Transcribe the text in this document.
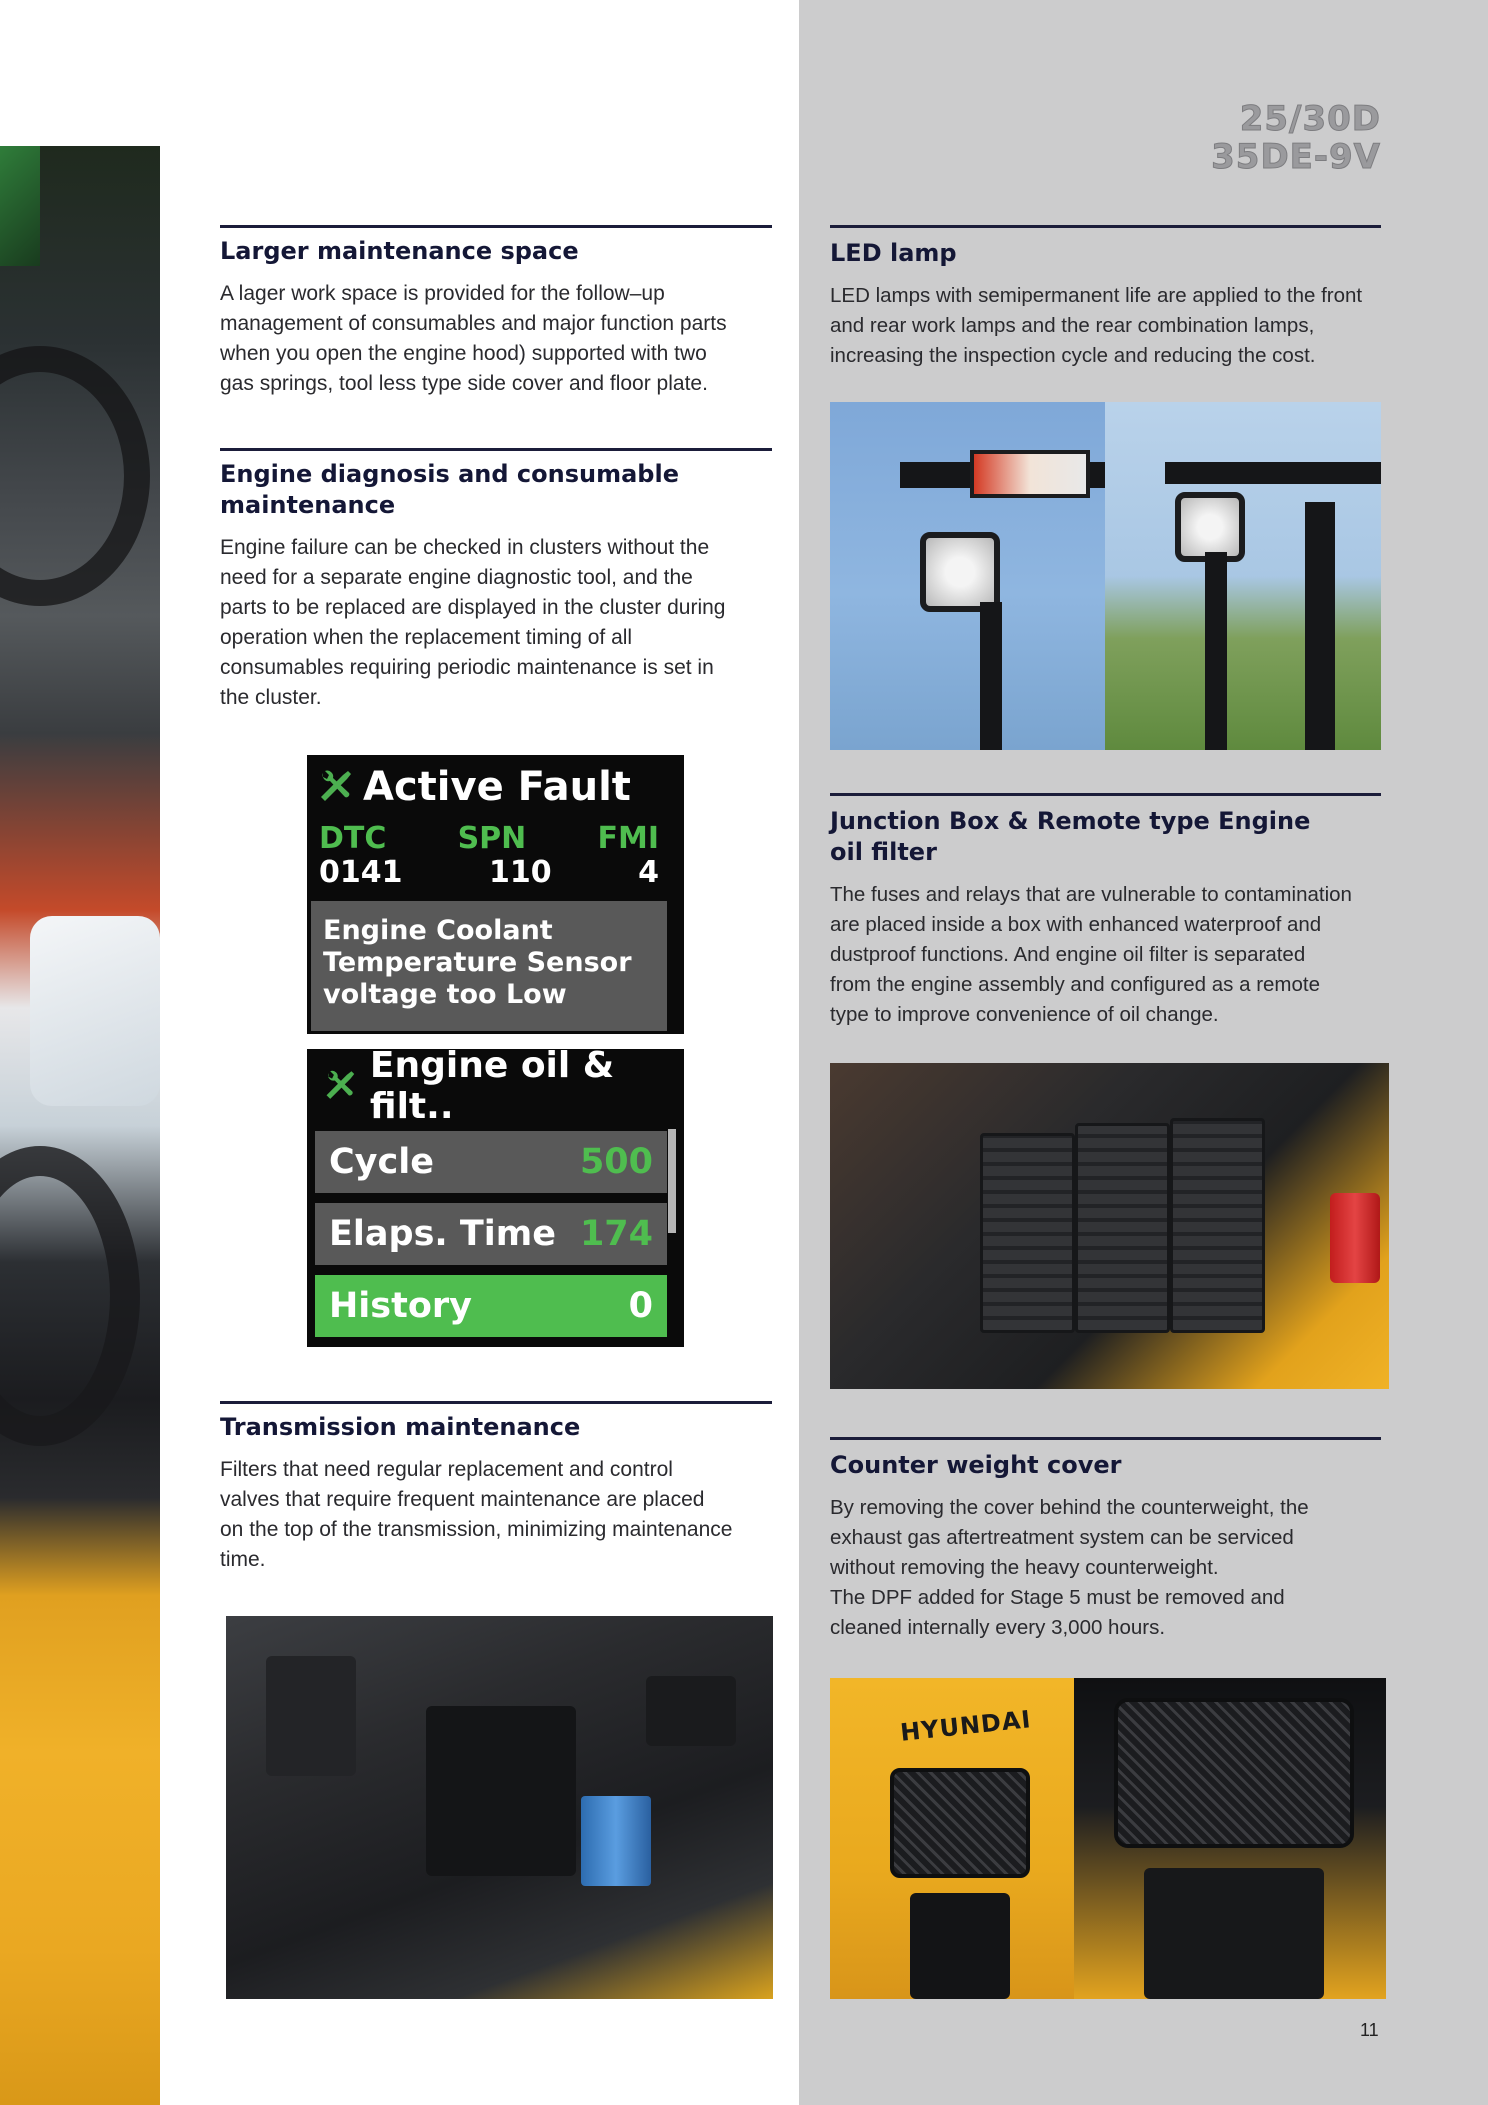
25/30D
35DE-9V
Larger maintenance space

A lager work space is provided for the follow–up
management of consumables and major function parts
when you open the engine hood) supported with two
gas springs, tool less type side cover and floor plate.

Engine diagnosis and consumable
maintenance

Engine failure can be checked in clusters without the
need for a separate engine diagnostic tool, and the
parts to be replaced are displayed in the cluster during
operation when the replacement timing of all
consumables requiring periodic maintenance is set in
the cluster.

Active Fault
DTC SPN FMI
0141	110	4
Engine Coolant
Temperature Sensor
voltage too Low
Engine oil & filt..
Cycle	500
Elaps. Time 174
History	0
Transmission maintenance

Filters that need regular replacement and control
valves that require frequent maintenance are placed
on the top of the transmission, minimizing maintenance
time.

LED lamp

LED lamps with semipermanent life are applied to the front
and rear work lamps and the rear combination lamps,
increasing the inspection cycle and reducing the cost.

Junction Box & Remote type Engine
oil filter

The fuses and relays that are vulnerable to contamination
are placed inside a box with enhanced waterproof and
dustproof functions. And engine oil filter is separated
from the engine assembly and configured as a remote
type to improve convenience of oil change.

Counter weight cover

By removing the cover behind the counterweight, the
exhaust gas aftertreatment system can be serviced
without removing the heavy counterweight.
The DPF added for Stage 5 must be removed and
cleaned internally every 3,000 hours.

HYUNDAI
11
